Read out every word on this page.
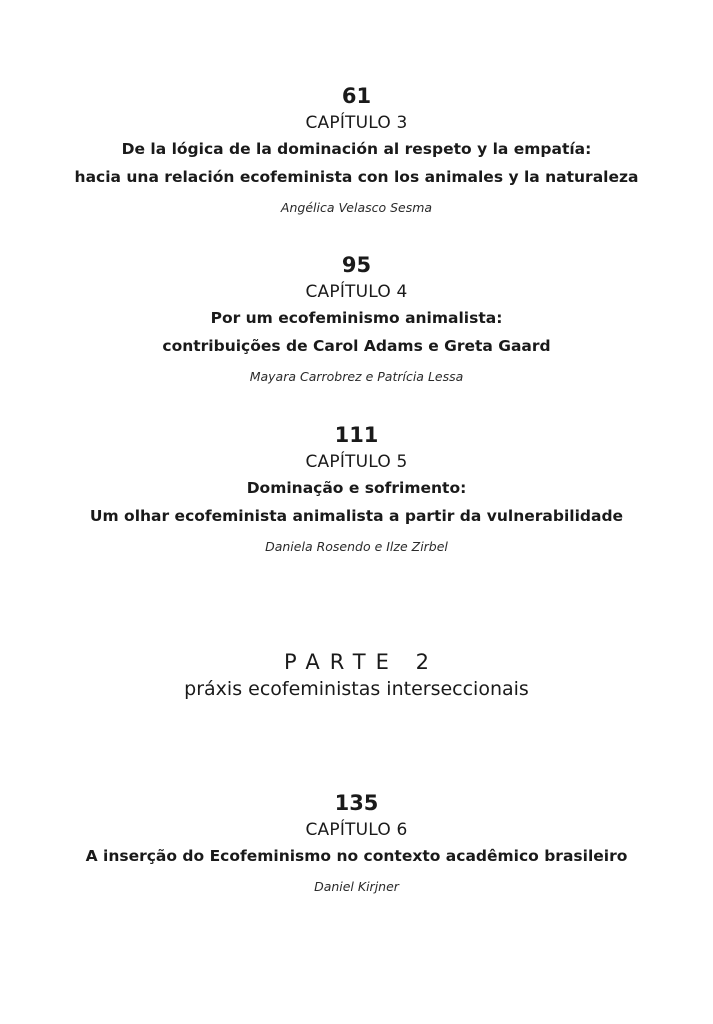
61

CAPÍTULO 3

De la lógica de la dominación al respeto y la empatía:

hacia una relación ecofeminista con los animales y la naturaleza

Angélica Velasco Sesma

95

CAPÍTULO 4

Por um ecofeminismo animalista:

contribuições de Carol Adams e Greta Gaard

Mayara Carrobrez e Patrícia Lessa

111

CAPÍTULO 5

Dominação e sofrimento:

Um olhar ecofeminista animalista a partir da vulnerabilidade

Daniela Rosendo e Ilze Zirbel

PARTE 2

práxis ecofeministas interseccionais

135

CAPÍTULO 6

A inserção do Ecofeminismo no contexto acadêmico brasileiro

Daniel Kirjner
